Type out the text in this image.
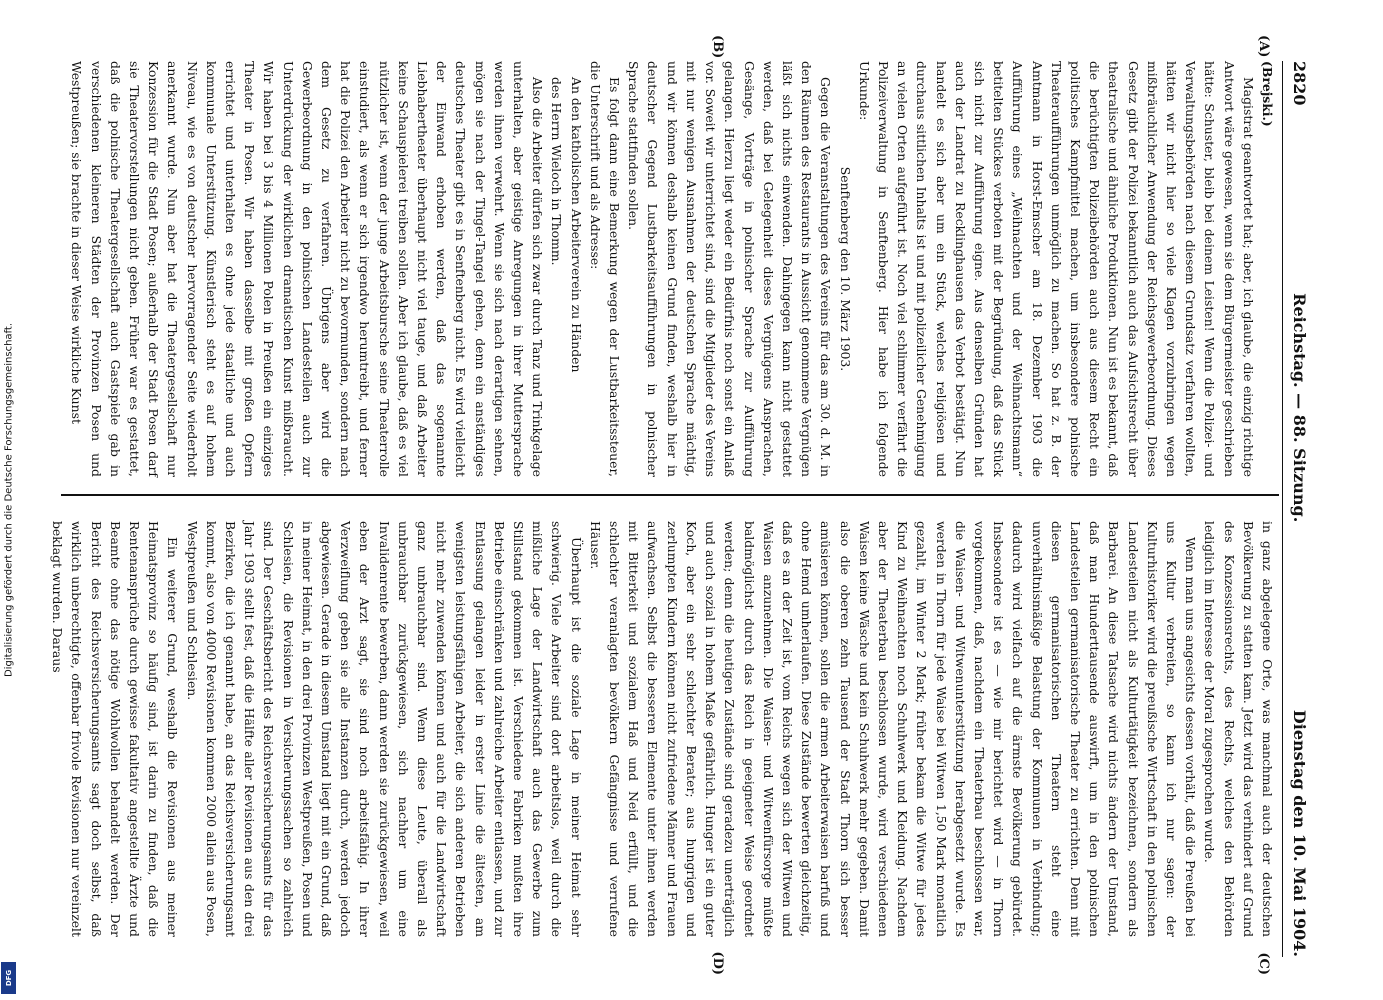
2820
Reichstag. — 88. Sitzung.
Dienstag den 10. Mai 1904.
(A)
(B)
(C)
(D)

(Brejski.)

Magistrat geantwortet hat; aber, ich glaube, die einzig richtige Antwort wäre gewesen, wenn sie dem Bürgermeister geschrieben hätte: Schuster, bleib bei deinem Leisten! Wenn die Polizei- und Verwaltungsbehörden nach diesem Grundsatz verfahren wollten, hätten wir nicht hier so viele Klagen vorzubringen wegen mißbräuchlicher Anwendung der Reichsgewerbeordnung. Dieses Gesetz gibt der Polizei bekanntlich auch das Aufsichtsrecht über theatralische und ähnliche Produktionen. Nun ist es bekannt, daß die berüchtigten Polizeibehörden auch aus diesem Recht ein politisches Kampfmittel machen, um insbesondere polnische Theateraufführungen unmöglich zu machen. So hat z. B. der Amtmann in Horst-Emscher am 18. Dezember 1903 die Aufführung eines „Weihnachten und der Weihnachtsmann“ betitelten Stückes verboten mit der Begründung, daß das Stück sich nicht zur Aufführung eigne. Aus denselben Gründen hat auch der Landrat zu Recklinghausen das Verbot bestätigt. Nun handelt es sich aber um ein Stück, welches religiösen und durchaus sittlichen Inhalts ist und mit polizeilicher Genehmigung an vielen Orten aufgeführt ist. Noch viel schlimmer verfährt die Polizeiverwaltung in Senftenberg. Hier habe ich folgende Urkunde:

Senftenberg den 10. März 1903.

Gegen die Veranstaltungen des Vereins für das am 30. d. M. in den Räumen des Restaurants in Aussicht genommene Vergnügen läßt sich nichts einwenden. Dahingegen kann nicht gestattet werden, daß bei Gelegenheit dieses Vergnügens Ansprachen, Gesänge, Vorträge in polnischer Sprache zur Aufführung gelangen. Hierzu liegt weder ein Bedürfnis noch sonst ein Anlaß vor. Soweit wir unterrichtet sind, sind die Mitglieder des Vereins mit nur wenigen Ausnahmen der deutschen Sprache mächtig, und wir können deshalb keinen Grund finden, weshalb hier in deutscher Gegend Lustbarkeitsaufführungen in polnischer Sprache stattfinden sollen.

Es folgt dann eine Bemerkung wegen der Lustbarkeitssteuer, die Unterschrift und als Adresse:

An den katholischen Arbeiterverein zu Händen

des Herrn Wieloch in Thomm.

Also die Arbeiter dürfen sich zwar durch Tanz und Trinkgelage unterhalten, aber geistige Anregungen in ihrer Muttersprache werden ihnen verwehrt. Wenn sie sich nach derartigen sehnen, mögen sie nach der Tingel-Tangel gehen, denn ein anständiges deutsches Theater gibt es in Senftenberg nicht. Es wird vielleicht der Einwand erhoben werden, daß das sogenannte Liebhabertheater überhaupt nicht viel tauge, und daß Arbeiter keine Schauspielerei treiben sollen. Aber ich glaube, daß es viel nützlicher ist, wenn der junge Arbeitsbursche seine Theaterrolle einstudiert, als wenn er sich irgendwo herumtreibt, und ferner hat die Polizei den Arbeiter nicht zu bevormunden, sondern nach dem Gesetz zu verfahren. Übrigens aber wird die Gewerbeordnung in den polnischen Landesteilen auch zur Unterdrückung der wirklichen dramatischen Kunst mißbraucht. Wir haben bei 3 bis 4 Millionen Polen in Preußen ein einziges Theater in Posen. Wir haben dasselbe mit großen Opfern errichtet und unterhalten es ohne jede staatliche und auch kommunale Unterstützung. Künstlerisch steht es auf hohem Niveau, wie es von deutscher hervorragender Seite wiederholt anerkannt wurde. Nun aber hat die Theatergesellschaft nur Konzession für die Stadt Posen; außerhalb der Stadt Posen darf sie Theatervorstellungen nicht geben. Früher war es gestattet, daß die polnische Theatergesellschaft auch Gastspiele gab in verschiedenen kleineren Städten der Provinzen Posen und Westpreußen; sie brachte in dieser Weise wirkliche Kunst

in ganz abgelegene Orte, was manchmal auch der deutschen Bevölkerung zu statten kam. Jetzt wird das verhindert auf Grund des Konzessionsrechts, des Rechts, welches den Behörden lediglich im Interesse der Moral zugesprochen wurde.

Wenn man uns angesichts dessen vorhält, daß die Preußen bei uns Kultur verbreiten, so kann ich nur sagen: der Kulturhistoriker wird die preußische Wirtschaft in den polnischen Landesteilen nicht als Kulturtätigkeit bezeichnen, sondern als Barbarei. An diese Tatsache wird nichts ändern der Umstand, daß man Hunderttausende auswirft, um in den polnischen Landesteilen germanisatorische Theater zu errichten. Denn mit diesen germanisatorischen Theatern steht eine unverhältnismäßige Belastung der Kommunen in Verbindung; dadurch wird vielfach auf die ärmste Bevölkerung gebürdet. Insbesondere ist es — wie mir berichtet wird — in Thorn vorgekommen, daß, nachdem ein Theaterbau beschlossen war, die Waisen- und Witwenunterstützung herabgesetzt wurde. Es werden in Thorn für jede Waise bei Witwen 1,50 Mark monatlich gezahlt, im Winter 2 Mark; früher bekam die Witwe für jedes Kind zu Weihnachten noch Schuhwerk und Kleidung. Nachdem aber der Theaterbau beschlossen wurde, wird verschiedenen Waisen keine Wäsche und kein Schuhwerk mehr gegeben. Damit also die oberen zehn Tausend der Stadt Thorn sich besser amüsieren können, sollen die armen Arbeiterwaisen barfuß und ohne Hemd umherlaufen. Diese Zustände bewerten gleichzeitig, daß es an der Zeit ist, vom Reichs wegen sich der Witwen und Waisen anzunehmen. Die Waisen- und Witwenfürsorge müßte baldmöglichst durch das Reich in geeigneter Weise geordnet werden; denn die heutigen Zustände sind geradezu unerträglich und auch sozial in hohem Maße gefährlich. Hunger ist ein guter Koch, aber ein sehr schlechter Berater; aus hungrigen und zerlumpten Kindern können nicht zufriedene Männer und Frauen aufwachsen. Selbst die besseren Elemente unter ihnen werden mit Bitterkeit und sozialem Haß und Neid erfüllt, und die schlechter veranlagten bevölkern Gefängnisse und verrufene Häuser.

Überhaupt ist die soziale Lage in meiner Heimat sehr schwierig. Viele Arbeiter sind dort arbeitslos, weil durch die mißliche Lage der Landwirtschaft auch das Gewerbe zum Stillstand gekommen ist. Verschiedene Fabriken mußten ihre Betriebe einschränken und zahlreiche Arbeiter entlassen, und zur Entlassung gelangen leider in erster Linie die ältesten, am wenigsten leistungsfähigen Arbeiter, die sich anderen Betrieben nicht mehr zuwenden können und auch für die Landwirtschaft ganz unbrauchbar sind. Wenn diese Leute, überall als unbrauchbar zurückgewiesen, sich nachher um eine Invalidenrente bewerben, dann werden sie zurückgewiesen, weil eben der Arzt sagt, sie sind noch arbeitsfähig. In ihrer Verzweiflung geben sie alle Instanzen durch, werden jedoch abgewiesen. Gerade in diesem Umstand liegt mit ein Grund, daß in meiner Heimat, in den drei Provinzen Westpreußen, Posen und Schlesien, die Revisionen in Versicherungssachen so zahlreich sind. Der Geschäftsbericht des Reichsversicherungsamts für das Jahr 1903 stellt fest, daß die Hälfte aller Revisionen aus den drei Bezirken, die ich genannt habe, an das Reichsversicherungsamt kommt, also von 4000 Revisionen kommen 2000 allein aus Posen, Westpreußen und Schlesien.

Ein weiterer Grund, weshalb die Revisionen aus meiner Heimatsprovinz so häufig sind, ist darin zu finden, daß die Rentenansprüche durch gewisse fakultativ angestellte Ärzte und Beamte ohne das nötige Wohlwollen behandelt werden. Der Bericht des Reichsversicherungsamts sagt doch selbst, daß wirklich unberechtigte, offenbar frivole Revisionen nur vereinzelt beklagt wurden. Daraus

Digitalisierung gefördert durch die Deutsche Forschungsgemeinschaft.
DFG
